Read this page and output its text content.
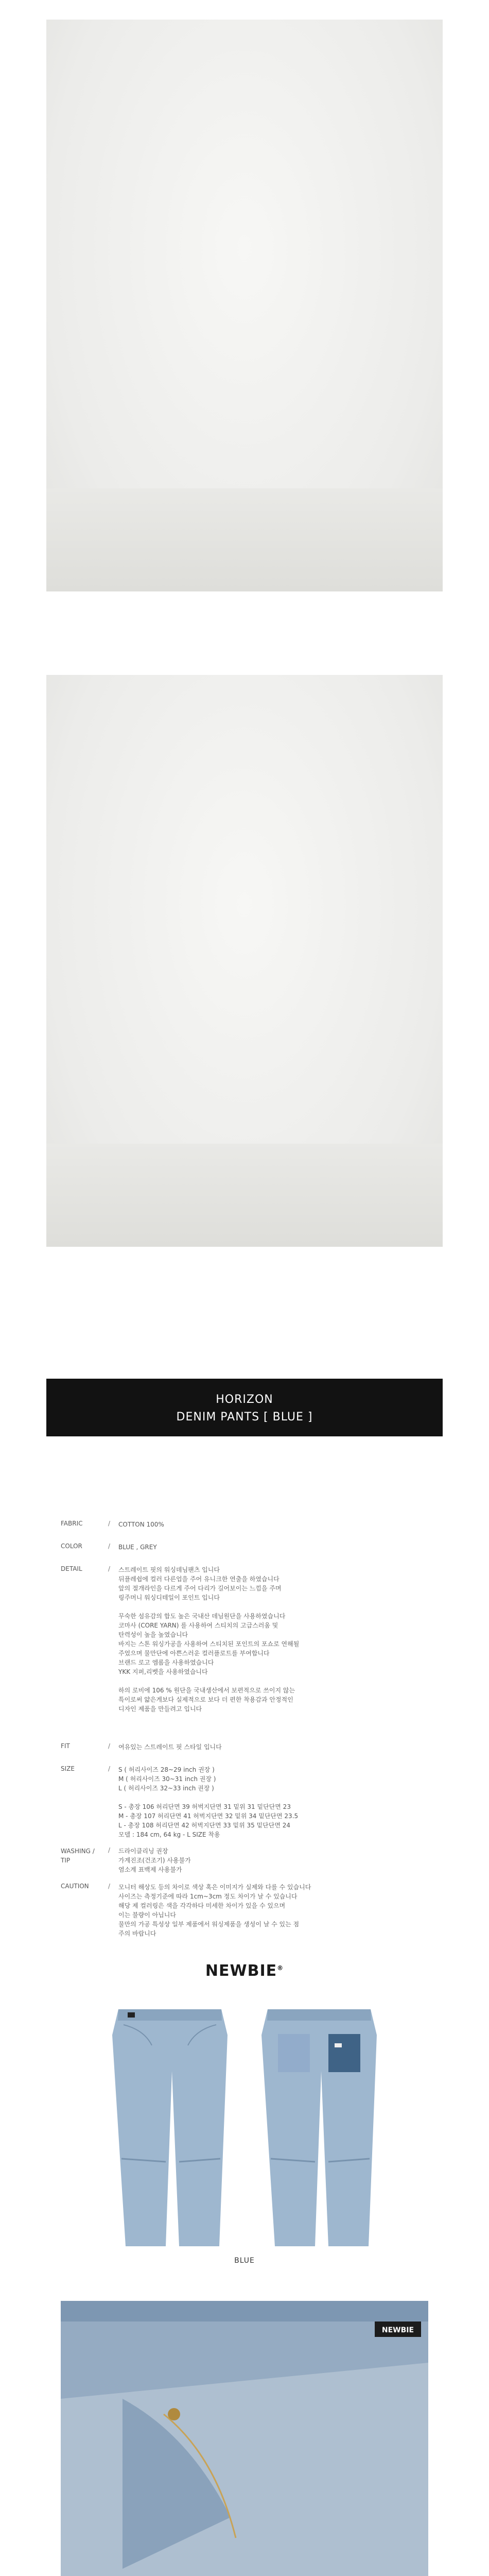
HORIZON
DENIM PANTS [ BLUE ]
FABRIC	/ COTTON 100%
COLOR	/ BLUE , GREY
DETAIL	/ 스트레이트 핏의 워싱데님팬츠 입니다
뒤플레쉽에 컬러 다른업을 주어 유니크한 연출을 하였습니다
앞의 절개라인을 다르게 주어 다리가 길어보이는 느낌을 주며
링주머니 워싱디테일이 포인트 입니다

무숙한 섬유감의 합도 높은 국내산 데님원단을 사용하였습니다
코마사 (CORE YARN) 를 사용하여 스티치의 고급스러움 및
탄력성이 높을 높였습니다
바지는 스톤 워싱가공을 사용하여 스티치된 포인트의 포쇼로 연해될
주었으며 물만단에 아쁜스러운 컬러플로트를 부여합니다
브랜드 로고 엠롬을 사용하였습니다
YKK 지퍼,리벳을 사용하였습니다

하의 로비에 106 % 원단을 국내생산에서 보편적으로 쓰이지 않는
특이로써 얇은게보다 실제적으로 보다 더 편한 착용감과 안정적인
디자인 제품을 만들려고 입니다
FIT	/ 여유있는 스트레이트 핏 스타일 입니다
SIZE	/ S ( 허리사이즈 28~29 inch 권장 )
M ( 허리사이즈 30~31 inch 권장 )
L ( 허리사이즈 32~33 inch 권장 )

S - 총장 106 허리단면 39 허벅지단면 31 밑위 31 밑단단면 23
M - 총장 107 허리단면 41 허벅지단면 32 밑위 34 밑단단면 23.5
L - 총장 108 허리단면 42 허벅지단면 33 밑위 35 밑단단면 24
모델 : 184 cm, 64 kg - L SIZE 착용
WASHING /
TIP
/ 드라이클리닝 권장
가계진조(건조기) 사용불가
염소계 표백제 사용불가
CAUTION	/ 모니터 해상도 등의 차이로 색상 혹은 이미지가 실제와 다를 수 있습니다
사이즈는 측정기준에 따라 1cm~3cm 정도 차이가 날 수 있습니다
해당 제 컬러링은 색을 각각하다 미세한 차이가 있을 수 있으며
이는 불량이 아닙니다
물만의 가공 특성상 일부 제품에서 워싱제품을 생성이 날 수 있는 점
주의 바랍니다
NEWBIE®
BLUE
NEWBIE
